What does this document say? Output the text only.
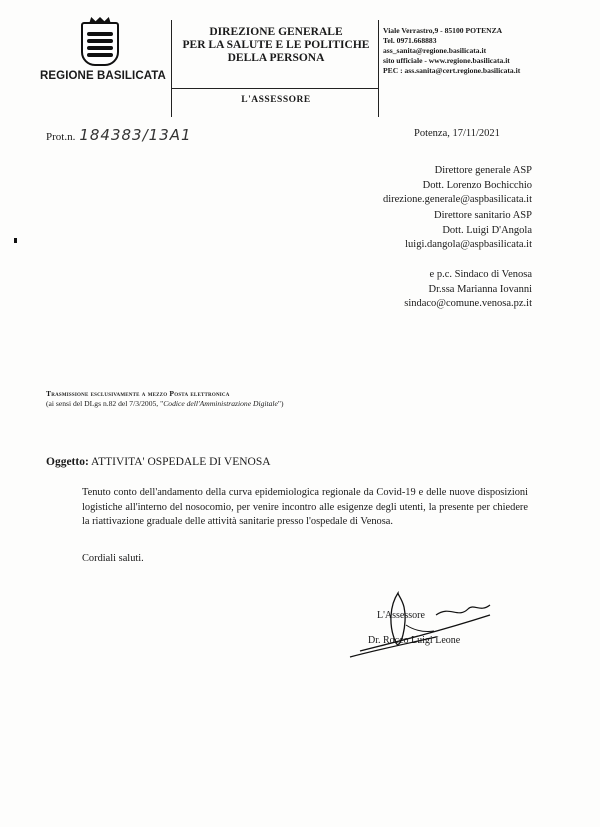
REGIONE BASILICATA
DIREZIONE GENERALE
PER LA SALUTE E LE POLITICHE
DELLA PERSONA
L'ASSESSORE
Viale Verrastro,9 - 85100 POTENZA
Tel. 0971.668883
ass_sanita@regione.basilicata.it
sito ufficiale - www.regione.basilicata.it
PEC : ass.sanita@cert.regione.basilicata.it
Prot.n. 184383/13A1	Potenza, 17/11/2021
Direttore generale ASP
Dott. Lorenzo Bochicchio
direzione.generale@aspbasilicata.it
Direttore sanitario ASP
Dott. Luigi D'Angola
luigi.dangola@aspbasilicata.it
e p.c. Sindaco di Venosa
Dr.ssa Marianna Iovanni
sindaco@comune.venosa.pz.it
Trasmissione esclusivamente a mezzo Posta elettronica
(ai sensi del DLgs n.82 del 7/3/2005, "Codice dell'Amministrazione Digitale")
Oggetto: ATTIVITA' OSPEDALE DI VENOSA
Tenuto conto dell'andamento della curva epidemiologica regionale da Covid-19 e delle nuove disposizioni logistiche all'interno del nosocomio, per venire incontro alle esigenze degli utenti, la presente per chiedere la riattivazione graduale delle attività sanitarie presso l'ospedale di Venosa.
Cordiali saluti.
L'Assessore
Dr. Rocco Luigi Leone
